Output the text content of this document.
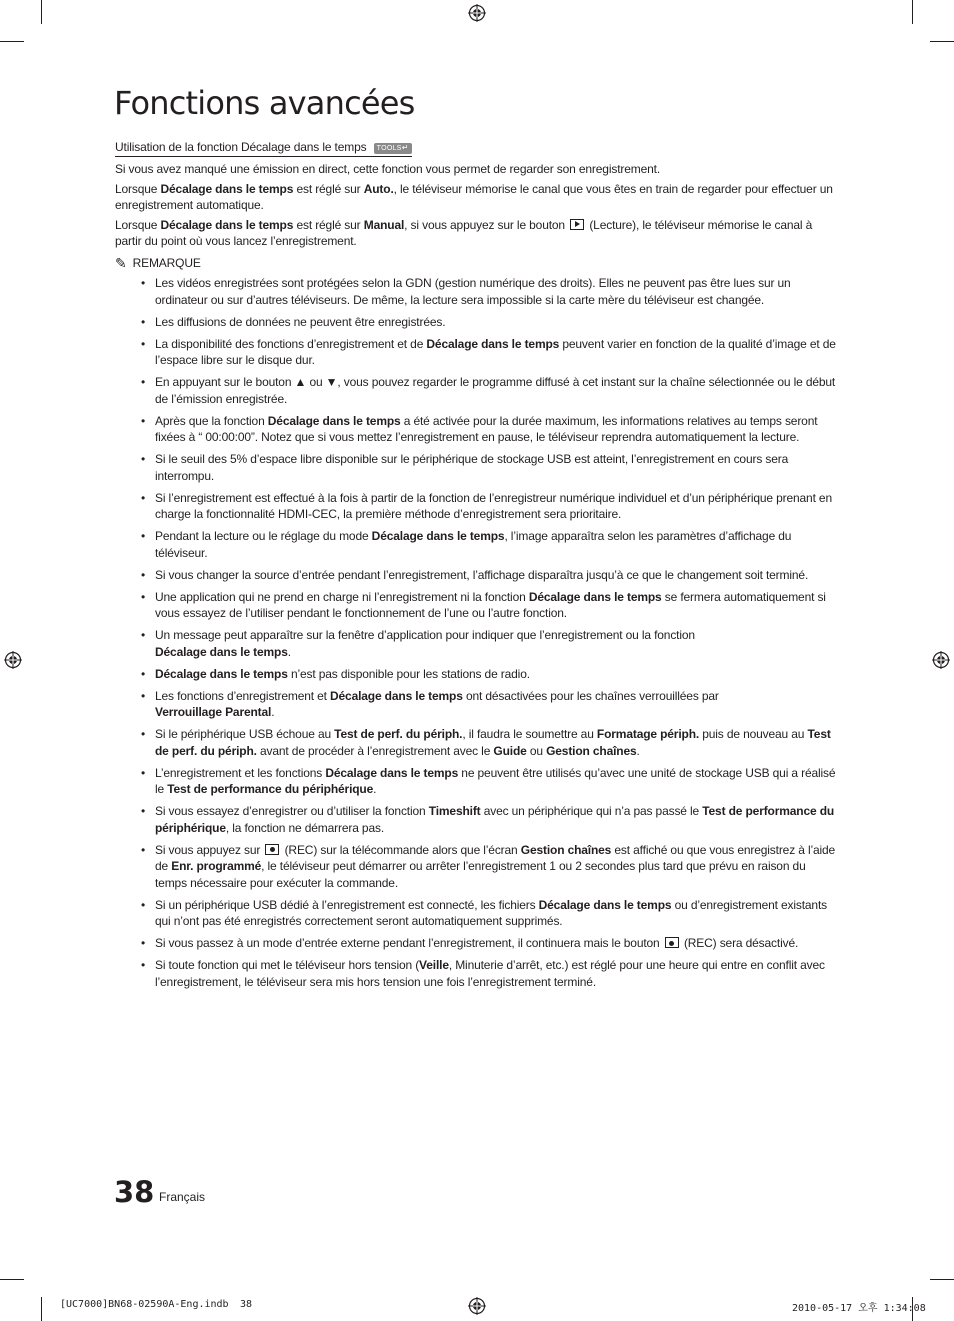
Fonctions avancées
Utilisation de la fonction Décalage dans le temps TOOLS↵

Si vous avez manqué une émission en direct, cette fonction vous permet de regarder son enregistrement.

Lorsque Décalage dans le temps est réglé sur Auto., le téléviseur mémorise le canal que vous êtes en train de regarder pour effectuer un enregistrement automatique.

Lorsque Décalage dans le temps est réglé sur Manual, si vous appuyez sur le bouton  (Lecture), le téléviseur mémorise le canal à partir du point où vous lancez l’enregistrement.

✎ REMARQUE
• Les vidéos enregistrées sont protégées selon la GDN (gestion numérique des droits). Elles ne peuvent pas être lues sur un ordinateur ou sur d’autres téléviseurs. De même, la lecture sera impossible si la carte mère du téléviseur est changée.
• Les diffusions de données ne peuvent être enregistrées.
• La disponibilité des fonctions d’enregistrement et de Décalage dans le temps peuvent varier en fonction de la qualité d’image et de l’espace libre sur le disque dur.
• En appuyant sur le bouton ▲ ou ▼, vous pouvez regarder le programme diffusé à cet instant sur la chaîne sélectionnée ou le début de l’émission enregistrée.
• Après que la fonction Décalage dans le temps a été activée pour la durée maximum, les informations relatives au temps seront fixées à “ 00:00:00”. Notez que si vous mettez l’enregistrement en pause, le téléviseur reprendra automatiquement la lecture.
• Si le seuil des 5% d’espace libre disponible sur le périphérique de stockage USB est atteint, l’enregistrement en cours sera interrompu.
• Si l’enregistrement est effectué à la fois à partir de la fonction de l’enregistreur numérique individuel et d’un périphérique prenant en charge la fonctionnalité HDMI-CEC, la première méthode d’enregistrement sera prioritaire.
• Pendant la lecture ou le réglage du mode Décalage dans le temps, l’image apparaîtra selon les paramètres d’affichage du téléviseur.
• Si vous changer la source d’entrée pendant l’enregistrement, l’affichage disparaîtra jusqu’à ce que le changement soit terminé.
• Une application qui ne prend en charge ni l’enregistrement ni la fonction Décalage dans le temps se fermera automatiquement si vous essayez de l’utiliser pendant le fonctionnement de l’une ou l’autre fonction.
• Un message peut apparaître sur la fenêtre d’application pour indiquer que l’enregistrement ou la fonction
Décalage dans le temps.
• Décalage dans le temps n’est pas disponible pour les stations de radio.
• Les fonctions d’enregistrement et Décalage dans le temps ont désactivées pour les chaînes verrouillées par
Verrouillage Parental.
• Si le périphérique USB échoue au Test de perf. du périph., il faudra le soumettre au Formatage périph. puis de nouveau au Test de perf. du périph. avant de procéder à l’enregistrement avec le Guide ou Gestion chaînes.
• L’enregistrement et les fonctions Décalage dans le temps ne peuvent être utilisés qu’avec une unité de stockage USB qui a réalisé le Test de performance du périphérique.
• Si vous essayez d’enregistrer ou d’utiliser la fonction Timeshift avec un périphérique qui n’a pas passé le Test de performance du périphérique, la fonction ne démarrera pas.
• Si vous appuyez sur  (REC) sur la télécommande alors que l’écran Gestion chaînes est affiché ou que vous enregistrez à l’aide de Enr. programmé, le téléviseur peut démarrer ou arrêter l’enregistrement 1 ou 2 secondes plus tard que prévu en raison du temps nécessaire pour exécuter la commande.
• Si un périphérique USB dédié à l’enregistrement est connecté, les fichiers Décalage dans le temps ou d’enregistrement existants qui n’ont pas été enregistrés correctement seront automatiquement supprimés.
• Si vous passez à un mode d’entrée externe pendant l’enregistrement, il continuera mais le bouton  (REC) sera désactivé.
• Si toute fonction qui met le téléviseur hors tension (Veille, Minuterie d’arrêt, etc.) est réglé pour une heure qui entre en conflit avec l’enregistrement, le téléviseur sera mis hors tension une fois l’enregistrement terminé.
38 Français
[UC7000]BN68-02590A-Eng.indb 38	2010-05-17 오후 1:34:08
